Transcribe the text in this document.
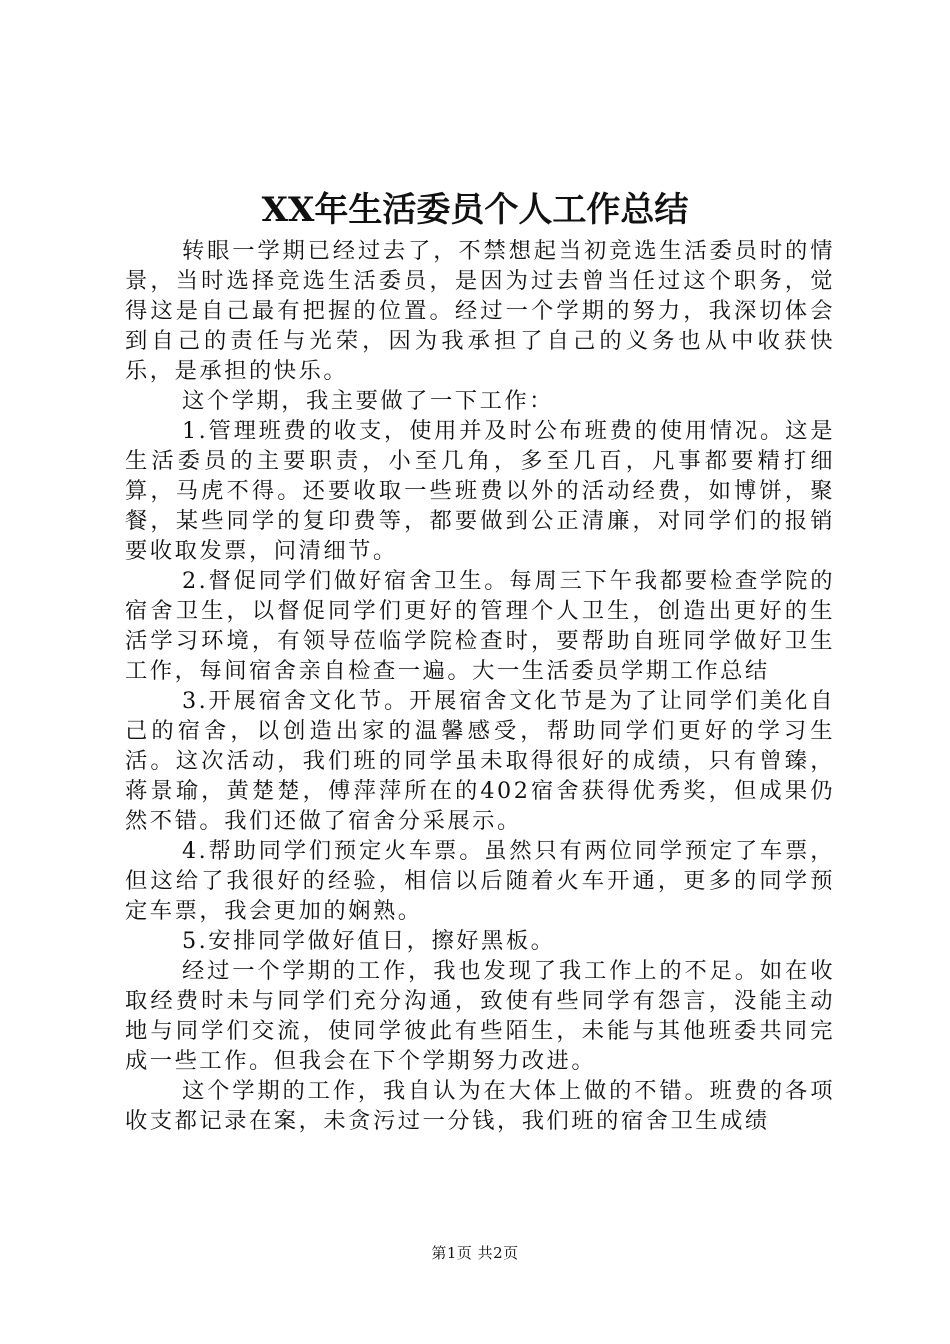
XX年生活委员个人工作总结

转眼一学期已经过去了，不禁想起当初竞选生活委员时的情景，当时选择竞选生活委员，是因为过去曾当任过这个职务，觉得这是自己最有把握的位置。经过一个学期的努力，我深切体会到自己的责任与光荣，因为我承担了自己的义务也从中收获快乐，是承担的快乐。

这个学期，我主要做了一下工作：

1.管理班费的收支，使用并及时公布班费的使用情况。这是生活委员的主要职责，小至几角，多至几百，凡事都要精打细算，马虎不得。还要收取一些班费以外的活动经费，如博饼，聚餐，某些同学的复印费等，都要做到公正清廉，对同学们的报销要收取发票，问清细节。

2.督促同学们做好宿舍卫生。每周三下午我都要检查学院的宿舍卫生，以督促同学们更好的管理个人卫生，创造出更好的生活学习环境，有领导莅临学院检查时，要帮助自班同学做好卫生工作，每间宿舍亲自检查一遍。大一生活委员学期工作总结

3.开展宿舍文化节。开展宿舍文化节是为了让同学们美化自己的宿舍，以创造出家的温馨感受，帮助同学们更好的学习生活。这次活动，我们班的同学虽未取得很好的成绩，只有曾臻，蒋景瑜，黄楚楚，傅萍萍所在的402宿舍获得优秀奖，但成果仍然不错。我们还做了宿舍分采展示。

4.帮助同学们预定火车票。虽然只有两位同学预定了车票，但这给了我很好的经验，相信以后随着火车开通，更多的同学预定车票，我会更加的娴熟。

5.安排同学做好值日，擦好黑板。

经过一个学期的工作，我也发现了我工作上的不足。如在收取经费时未与同学们充分沟通，致使有些同学有怨言，没能主动地与同学们交流，使同学彼此有些陌生，未能与其他班委共同完成一些工作。但我会在下个学期努力改进。

这个学期的工作，我自认为在大体上做的不错。班费的各项收支都记录在案，未贪污过一分钱，我们班的宿舍卫生成绩

第1页 共2页
